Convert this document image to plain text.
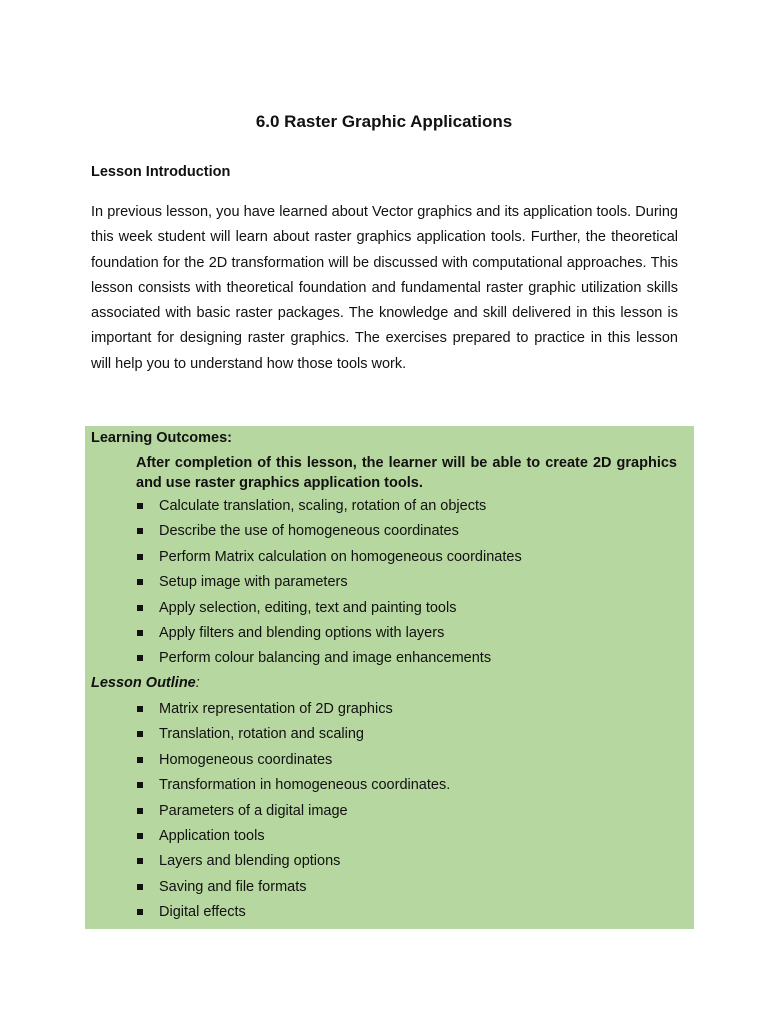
6.0 Raster Graphic Applications
Lesson Introduction

In previous lesson, you have learned about Vector graphics and its application tools. During this week student will learn about raster graphics application tools. Further, the theoretical foundation for the 2D transformation will be discussed with computational approaches. This lesson consists with theoretical foundation and fundamental raster graphic utilization skills associated with basic raster packages. The knowledge and skill delivered in this lesson is important for designing raster graphics. The exercises prepared to practice in this lesson will help you to understand how those tools work.

Learning Outcomes:

After completion of this lesson, the learner will be able to create 2D graphics and use raster graphics application tools.

Calculate translation, scaling, rotation of an objects
Describe the use of homogeneous coordinates
Perform Matrix calculation on homogeneous coordinates
Setup image with parameters
Apply selection, editing, text and painting tools
Apply filters and blending options with layers
Perform colour balancing and image enhancements
Lesson Outline:
Matrix representation of 2D graphics
Translation, rotation and scaling
Homogeneous coordinates
Transformation in homogeneous coordinates.
Parameters of a digital image
Application tools
Layers and blending options
Saving and file formats
Digital effects
